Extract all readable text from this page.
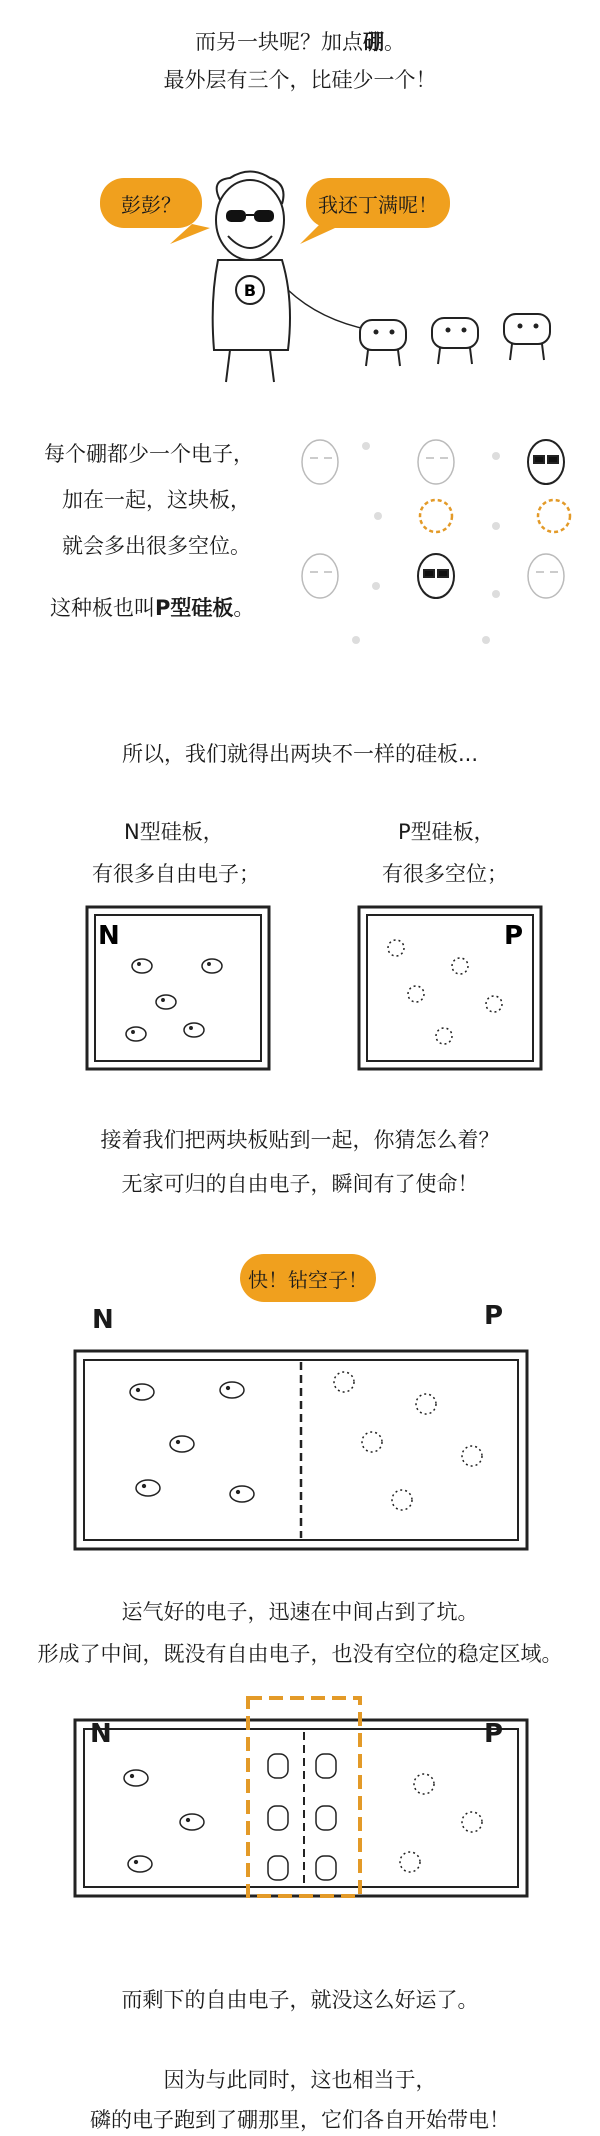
而另一块呢？加点硼。
最外层有三个，比硅少一个！
彭彭？	我还丁满呢！
B
每个硼都少一个电子，
加在一起，这块板，
就会多出很多空位。
这种板也叫P型硅板。
所以，我们就得出两块不一样的硅板...
N型硅板，
有很多自由电子；
P型硅板，
有很多空位；
N	P
接着我们把两块板贴到一起，你猜怎么着？
无家可归的自由电子，瞬间有了使命！
快！钻空子！
N	P
运气好的电子，迅速在中间占到了坑。
形成了中间，既没有自由电子，也没有空位的稳定区域。
N	P
而剩下的自由电子，就没这么好运了。
因为与此同时，这也相当于，
磷的电子跑到了硼那里，它们各自开始带电！
